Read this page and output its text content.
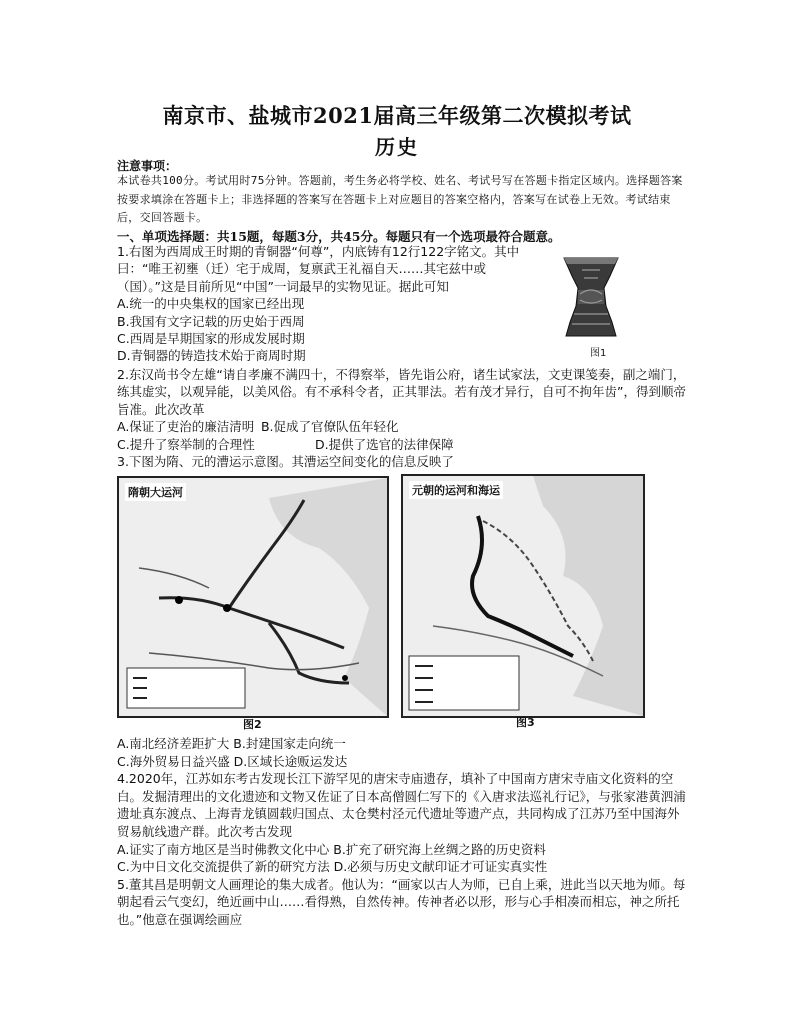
南京市、盐城市2021届高三年级第二次模拟考试
历史
注意事项：
本试卷共100分。考试用时75分钟。答题前，考生务必将学校、姓名、考试号写在答题卡指定区域内。选择题答案按要求填涂在答题卡上；非选择题的答案写在答题卡上对应题目的答案空格内，答案写在试卷上无效。考试结束后，交回答题卡。
一、单项选择题：共15题，每题3分，共45分。每题只有一个选项最符合题意。

1.右图为西周成王时期的青铜器“何尊”，内底铸有12行122字铭文。其中曰：“唯王初壅（迁）宅于成周，复禀武王礼福自天……其宅兹中或（国）。”这是目前所见“中国”一词最早的实物见证。据此可知

A.统一的中央集权的国家已经出现

B.我国有文字记载的历史始于西周

C.西周是早期国家的形成发展时期

D.青铜器的铸造技术始于商周时期	图1

2.东汉尚书令左雄“请自孝廉不满四十，不得察举，皆先诣公府，诸生试家法，文吏课笺奏，副之端门，练其虚实，以观异能，以美风俗。有不承科令者，正其罪法。若有茂才异行，自可不拘年齿”，得到顺帝旨准。此次改革

A.保证了吏治的廉洁清明 B.促成了官僚队伍年轻化

C.提升了察举制的合理性	D.提供了选官的法律保障

3.下图为隋、元的漕运示意图。其漕运空间变化的信息反映了

隋朝大运河
图2
元朝的运河和海运
图3

A.南北经济差距扩大 B.封建国家走向统一

C.海外贸易日益兴盛 D.区域长途贩运发达

4.2020年，江苏如东考古发现长江下游罕见的唐宋寺庙遗存，填补了中国南方唐宋寺庙文化资料的空白。发掘清理出的文化遗迹和文物又佐证了日本高僧圆仁写下的《入唐求法巡礼行记》，与张家港黄泗浦遗址真东渡点、上海青龙镇圆载归国点、太仓樊村泾元代遗址等遗产点，共同构成了江苏乃至中国海外贸易航线遗产群。此次考古发现

A.证实了南方地区是当时佛教文化中心 B.扩充了研究海上丝绸之路的历史资料

C.为中日文化交流提供了新的研究方法 D.必须与历史文献印证才可证实真实性

5.董其昌是明朝文人画理论的集大成者。他认为：“画家以古人为师，已自上乘，进此当以天地为师。每朝起看云气变幻，绝近画中山……看得熟，自然传神。传神者必以形，形与心手相凑而相忘，神之所托也。”他意在强调绘画应
